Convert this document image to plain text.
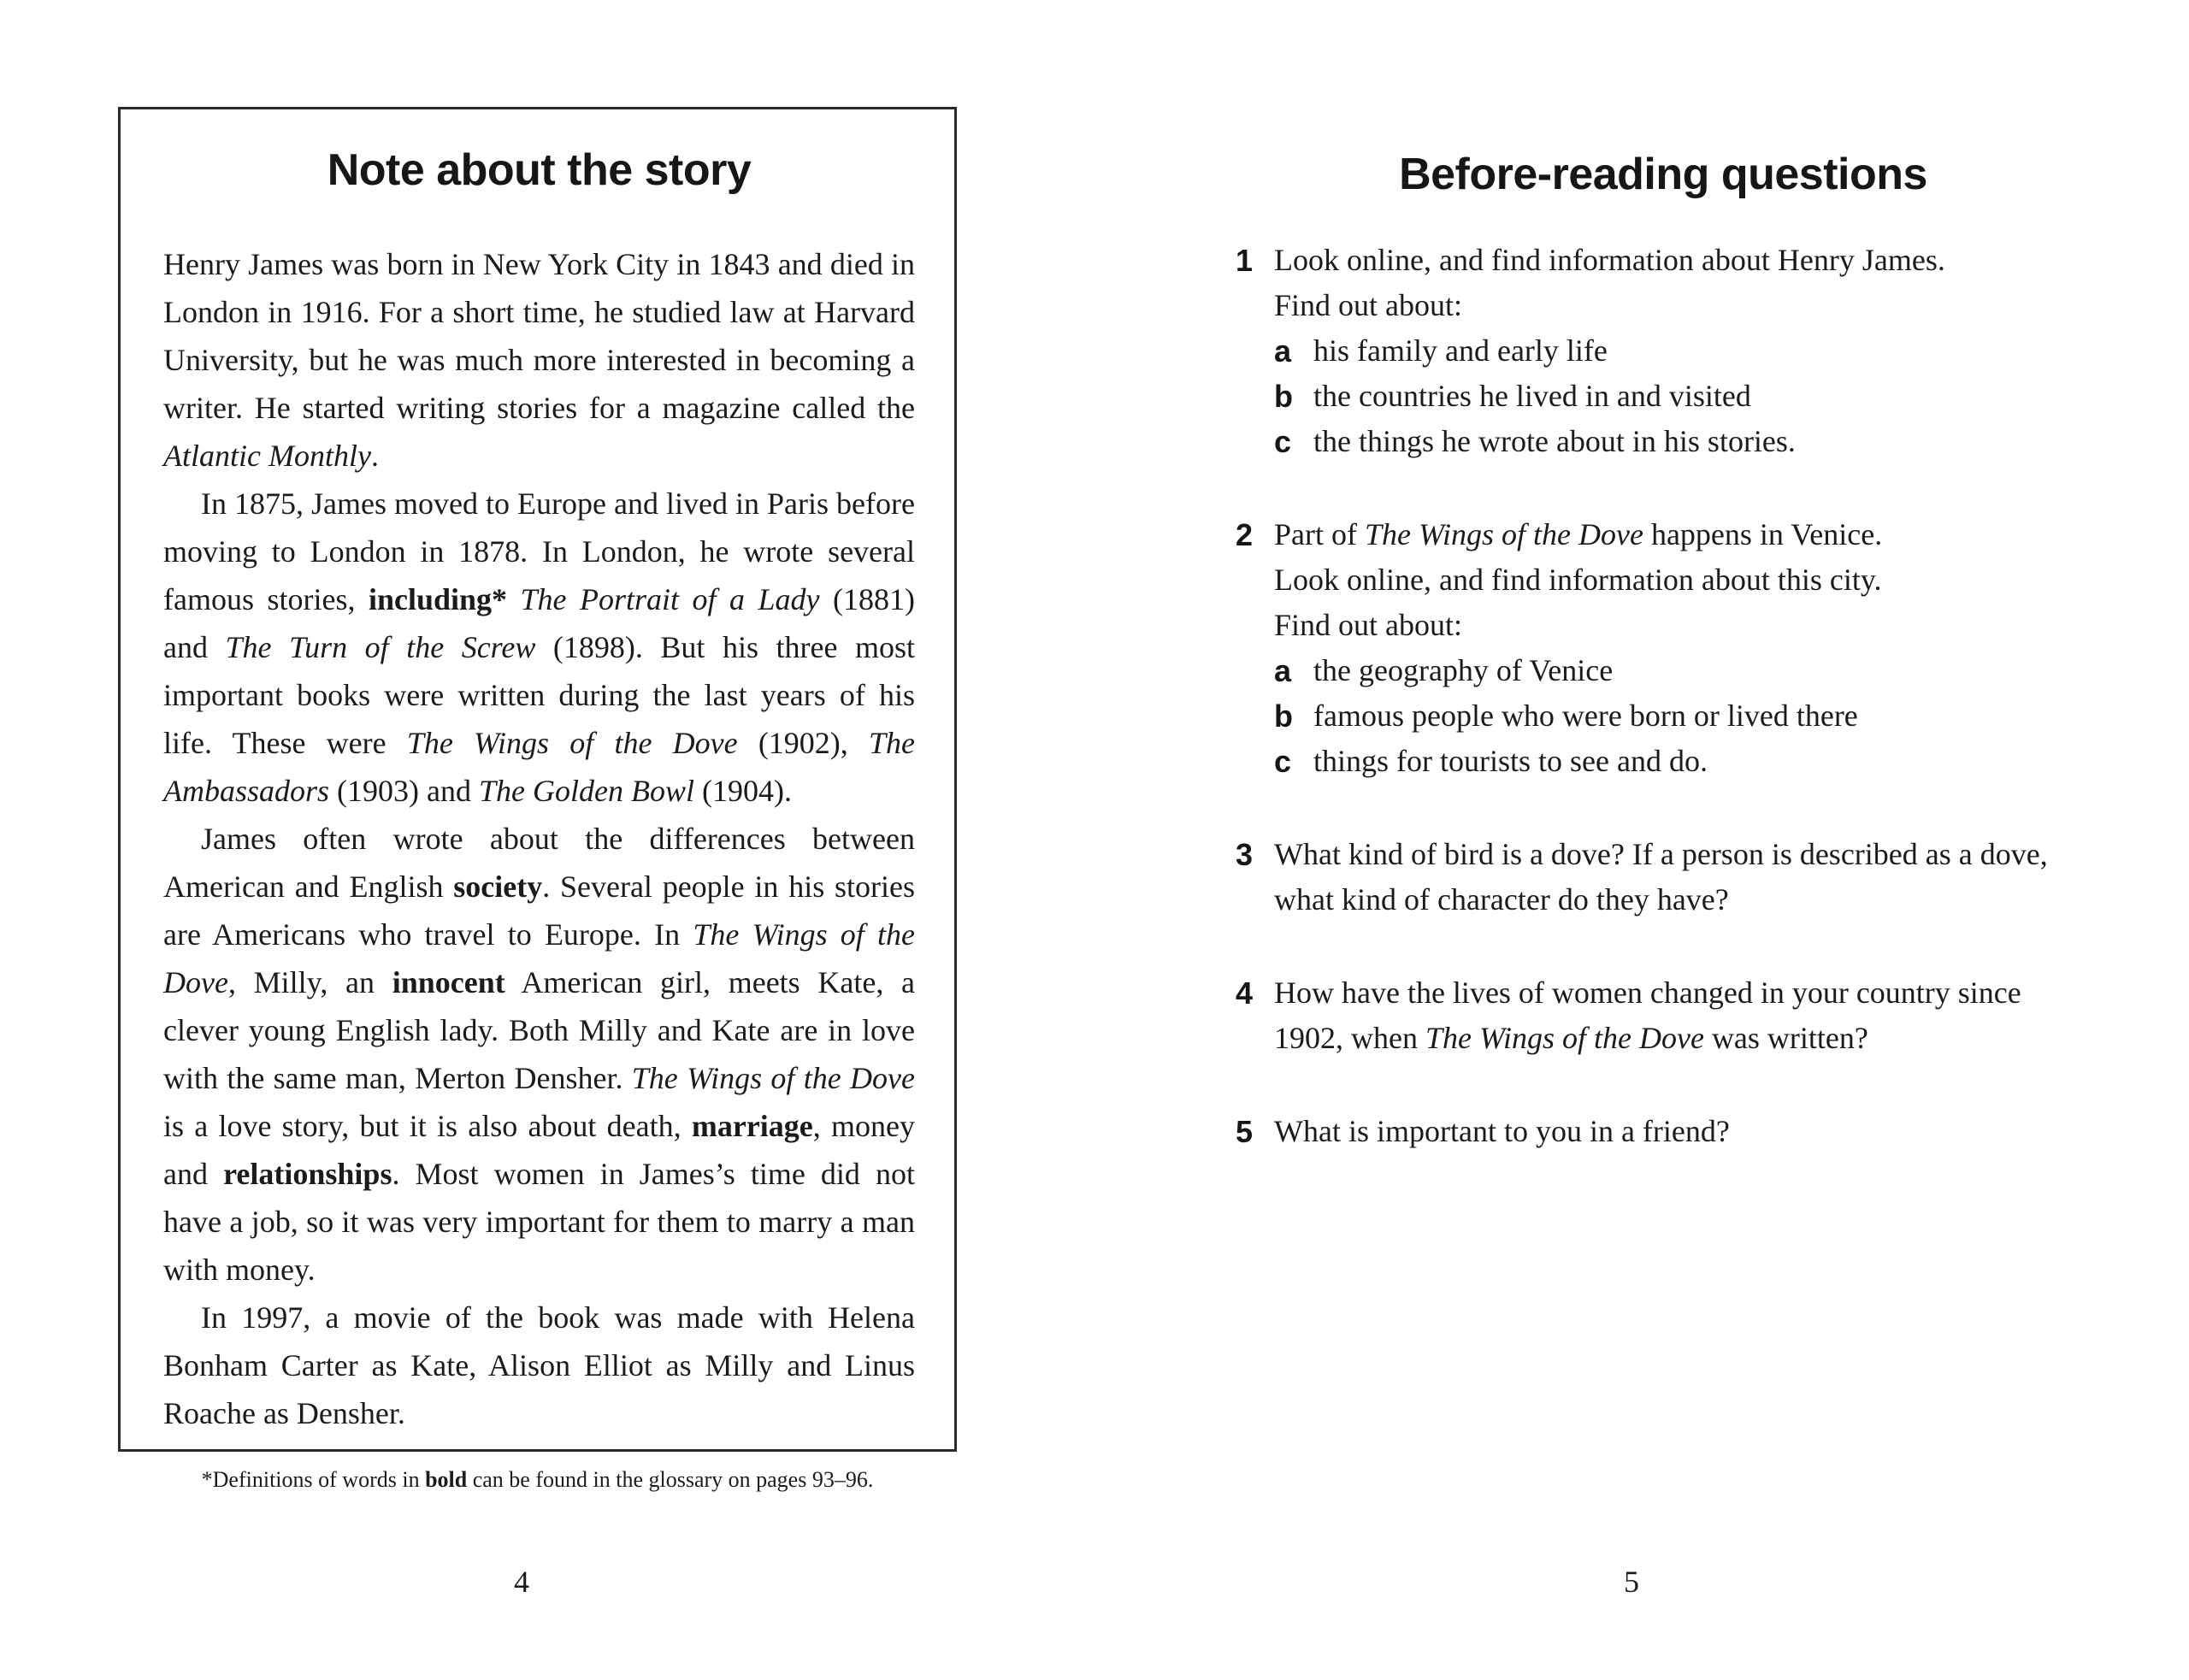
Note about the story

Henry James was born in New York City in 1843 and died in London in 1916. For a short time, he studied law at Harvard University, but he was much more interested in becoming a writer. He started writing stories for a magazine called the Atlantic Monthly.

In 1875, James moved to Europe and lived in Paris before moving to London in 1878. In London, he wrote several famous stories, including* The Portrait of a Lady (1881) and The Turn of the Screw (1898). But his three most important books were written during the last years of his life. These were The Wings of the Dove (1902), The Ambassadors (1903) and The Golden Bowl (1904).

James often wrote about the differences between American and English society. Several people in his stories are Americans who travel to Europe. In The Wings of the Dove, Milly, an innocent American girl, meets Kate, a clever young English lady. Both Milly and Kate are in love with the same man, Merton Densher. The Wings of the Dove is a love story, but it is also about death, marriage, money and relationships. Most women in James’s time did not have a job, so it was very important for them to marry a man with money.

In 1997, a movie of the book was made with Helena Bonham Carter as Kate, Alison Elliot as Milly and Linus Roache as Densher.

*Definitions of words in bold can be found in the glossary on pages 93–96.

4
Before-reading questions
1 Look online, and find information about Henry James.

Find out about:

a his family and early life
b the countries he lived in and visited
c the things he wrote about in his stories.
2 Part of The Wings of the Dove happens in Venice.

Look online, and find information about this city.

Find out about:

a the geography of Venice
b famous people who were born or lived there
c things for tourists to see and do.
3 What kind of bird is a dove? If a person is described as a dove, what kind of character do they have?

4 How have the lives of women changed in your country since 1902, when The Wings of the Dove was written?

5 What is important to you in a friend?

5
